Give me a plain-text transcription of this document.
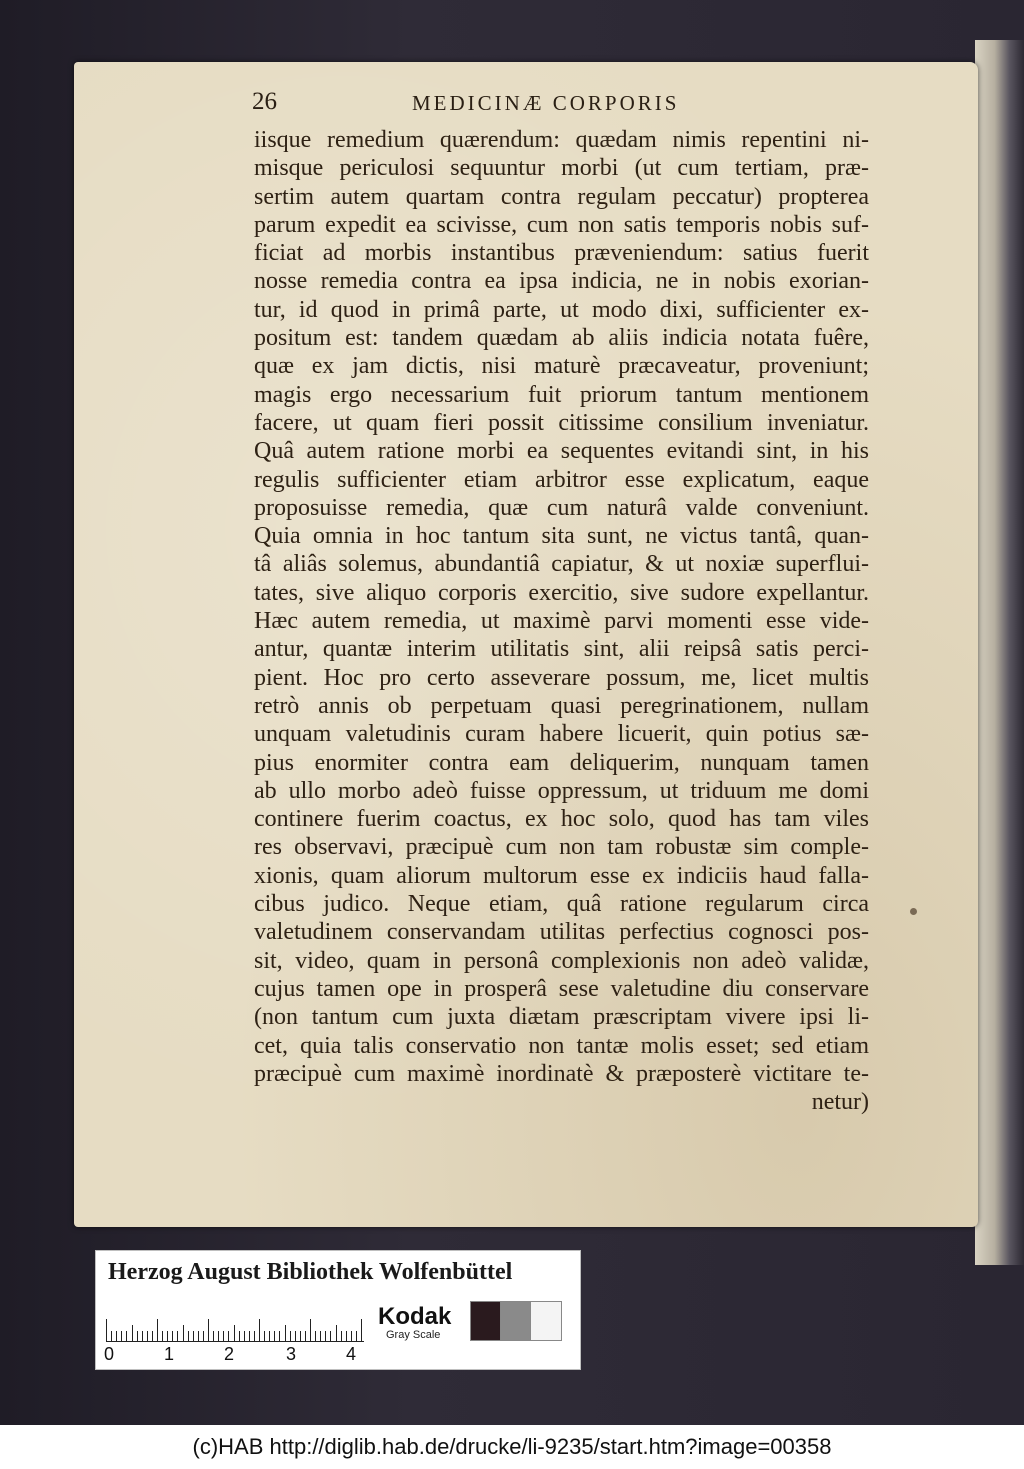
26	MEDICINÆ CORPORIS
iisque remedium quærendum: quædam nimis repentini ni-
misque periculosi sequuntur morbi (ut cum tertiam, præ-
sertim autem quartam contra regulam peccatur) propterea
parum expedit ea scivisse, cum non satis temporis nobis suf-
ficiat ad morbis instantibus præveniendum: satius fuerit
nosse remedia contra ea ipsa indicia, ne in nobis exorian-
tur, id quod in primâ parte, ut modo dixi, sufficienter ex-
positum est: tandem quædam ab aliis indicia notata fuêre,
quæ ex jam dictis, nisi maturè præcaveatur, proveniunt;
magis ergo necessarium fuit priorum tantum mentionem
facere, ut quam fieri possit citissime consilium inveniatur.
Quâ autem ratione morbi ea sequentes evitandi sint, in his
regulis sufficienter etiam arbitror esse explicatum, eaque
proposuisse remedia, quæ cum naturâ valde conveniunt.
Quia omnia in hoc tantum sita sunt, ne victus tantâ, quan-
tâ aliâs solemus, abundantiâ capiatur, & ut noxiæ superflui-
tates, sive aliquo corporis exercitio, sive sudore expellantur.
Hæc autem remedia, ut maximè parvi momenti esse vide-
antur, quantæ interim utilitatis sint, alii reipsâ satis perci-
pient. Hoc pro certo asseverare possum, me, licet multis
retrò annis ob perpetuam quasi peregrinationem, nullam
unquam valetudinis curam habere licuerit, quin potius sæ-
pius enormiter contra eam deliquerim, nunquam tamen
ab ullo morbo adeò fuisse oppressum, ut triduum me domi
continere fuerim coactus, ex hoc solo, quod has tam viles
res observavi, præcipuè cum non tam robustæ sim comple-
xionis, quam aliorum multorum esse ex indiciis haud falla-
cibus judico. Neque etiam, quâ ratione regularum circa
valetudinem conservandam utilitas perfectius cognosci pos-
sit, video, quam in personâ complexionis non adeò validæ,
cujus tamen ope in prosperâ sese valetudine diu conservare
(non tantum cum juxta diætam præscriptam vivere ipsi li-
cet, quia talis conservatio non tantæ molis esset; sed etiam
præcipuè cum maximè inordinatè & præposterè victitare te-
netur)
Herzog August Bibliothek Wolfenbüttel
0	1	2	3	4
Kodak
Gray Scale
(c)HAB http://diglib.hab.de/drucke/li-9235/start.htm?image=00358
